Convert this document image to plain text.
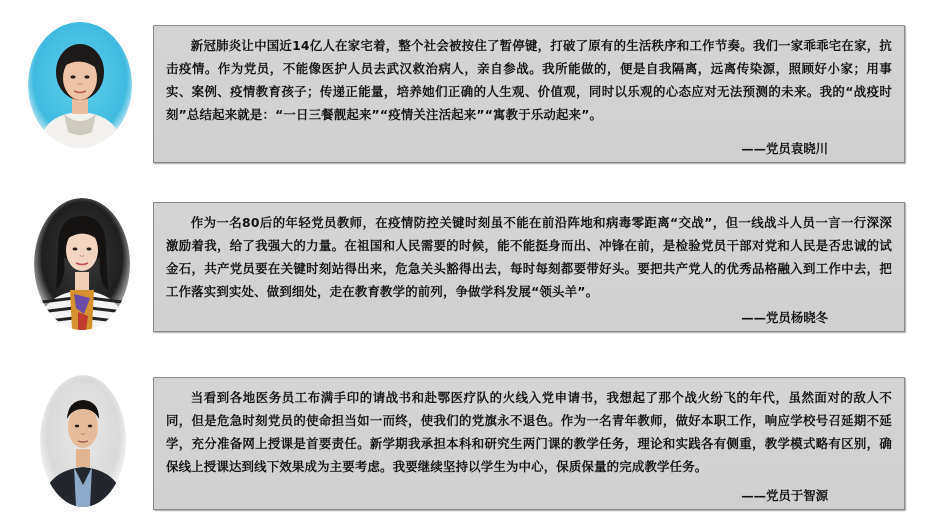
新冠肺炎让中国近14亿人在家宅着，整个社会被按住了暂停键，打破了原有的生活秩序和工作节奏。我们一家乖乖宅在家，抗击疫情。作为党员，不能像医护人员去武汉救治病人，亲自参战。我所能做的，便是自我隔离，远离传染源，照顾好小家；用事实、案例、疫情教育孩子；传递正能量，培养她们正确的人生观、价值观，同时以乐观的心态应对无法预测的未来。我的“战疫时刻”总结起来就是：“一日三餐靓起来”“疫情关注活起来”“寓教于乐动起来”。

——党员袁晓川

作为一名80后的年轻党员教师，在疫情防控关键时刻虽不能在前沿阵地和病毒零距离“交战”，但一线战斗人员一言一行深深激励着我，给了我强大的力量。在祖国和人民需要的时候，能不能挺身而出、冲锋在前，是检验党员干部对党和人民是否忠诚的试金石，共产党员要在关键时刻站得出来，危急关头豁得出去，每时每刻都要带好头。要把共产党人的优秀品格融入到工作中去，把工作落实到实处、做到细处，走在教育教学的前列，争做学科发展“领头羊”。

——党员杨晓冬

当看到各地医务员工布满手印的请战书和赴鄂医疗队的火线入党申请书，我想起了那个战火纷飞的年代，虽然面对的敌人不同，但是危急时刻党员的使命担当如一而终，使我们的党旗永不退色。作为一名青年教师，做好本职工作，响应学校号召延期不延学，充分准备网上授课是首要责任。新学期我承担本科和研究生两门课的教学任务，理论和实践各有侧重，教学模式略有区别，确保线上授课达到线下效果成为主要考虑。我要继续坚持以学生为中心，保质保量的完成教学任务。

——党员于智源
